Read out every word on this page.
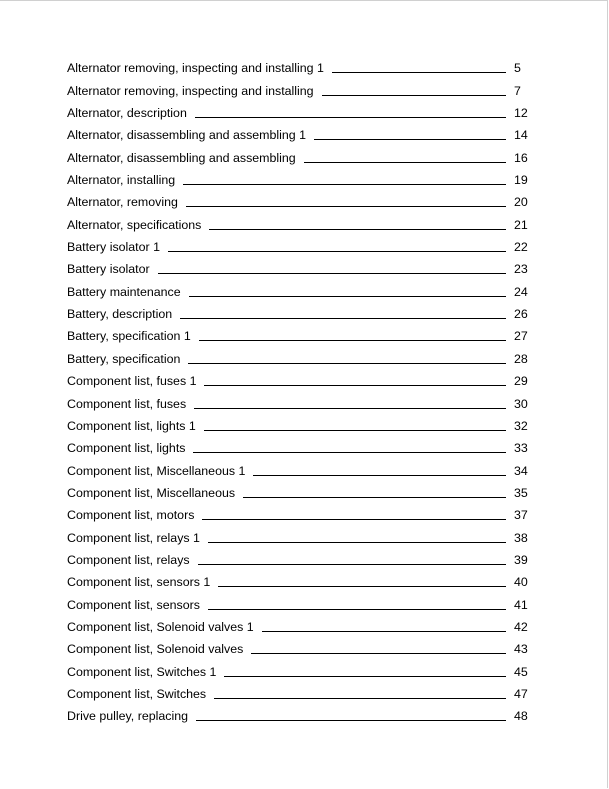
Alternator removing, inspecting and installing 1	5
Alternator removing, inspecting and installing	7
Alternator, description	12
Alternator, disassembling and assembling 1	14
Alternator, disassembling and assembling	16
Alternator, installing	19
Alternator, removing	20
Alternator, specifications	21
Battery isolator 1	22
Battery isolator	23
Battery maintenance	24
Battery, description	26
Battery, specification 1	27
Battery, specification	28
Component list, fuses 1	29
Component list, fuses	30
Component list, lights 1	32
Component list, lights	33
Component list, Miscellaneous 1	34
Component list, Miscellaneous	35
Component list, motors	37
Component list, relays 1	38
Component list, relays	39
Component list, sensors 1	40
Component list, sensors	41
Component list, Solenoid valves 1	42
Component list, Solenoid valves	43
Component list, Switches 1	45
Component list, Switches	47
Drive pulley, replacing	48
